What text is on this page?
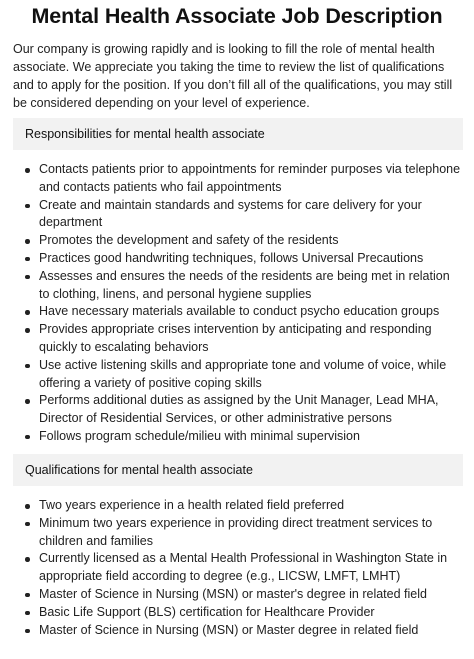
Mental Health Associate Job Description

Our company is growing rapidly and is looking to fill the role of mental health associate. We appreciate you taking the time to review the list of qualifications and to apply for the position. If you don’t fill all of the qualifications, you may still be considered depending on your level of experience.

Responsibilities for mental health associate
Contacts patients prior to appointments for reminder purposes via telephone and contacts patients who fail appointments
Create and maintain standards and systems for care delivery for your department
Promotes the development and safety of the residents
Practices good handwriting techniques, follows Universal Precautions
Assesses and ensures the needs of the residents are being met in relation to clothing, linens, and personal hygiene supplies
Have necessary materials available to conduct psycho education groups
Provides appropriate crises intervention by anticipating and responding quickly to escalating behaviors
Use active listening skills and appropriate tone and volume of voice, while offering a variety of positive coping skills
Performs additional duties as assigned by the Unit Manager, Lead MHA, Director of Residential Services, or other administrative persons
Follows program schedule/milieu with minimal supervision
Qualifications for mental health associate
Two years experience in a health related field preferred
Minimum two years experience in providing direct treatment services to children and families
Currently licensed as a Mental Health Professional in Washington State in appropriate field according to degree (e.g., LICSW, LMFT, LMHT)
Master of Science in Nursing (MSN) or master's degree in related field
Basic Life Support (BLS) certification for Healthcare Provider
Master of Science in Nursing (MSN) or Master degree in related field
